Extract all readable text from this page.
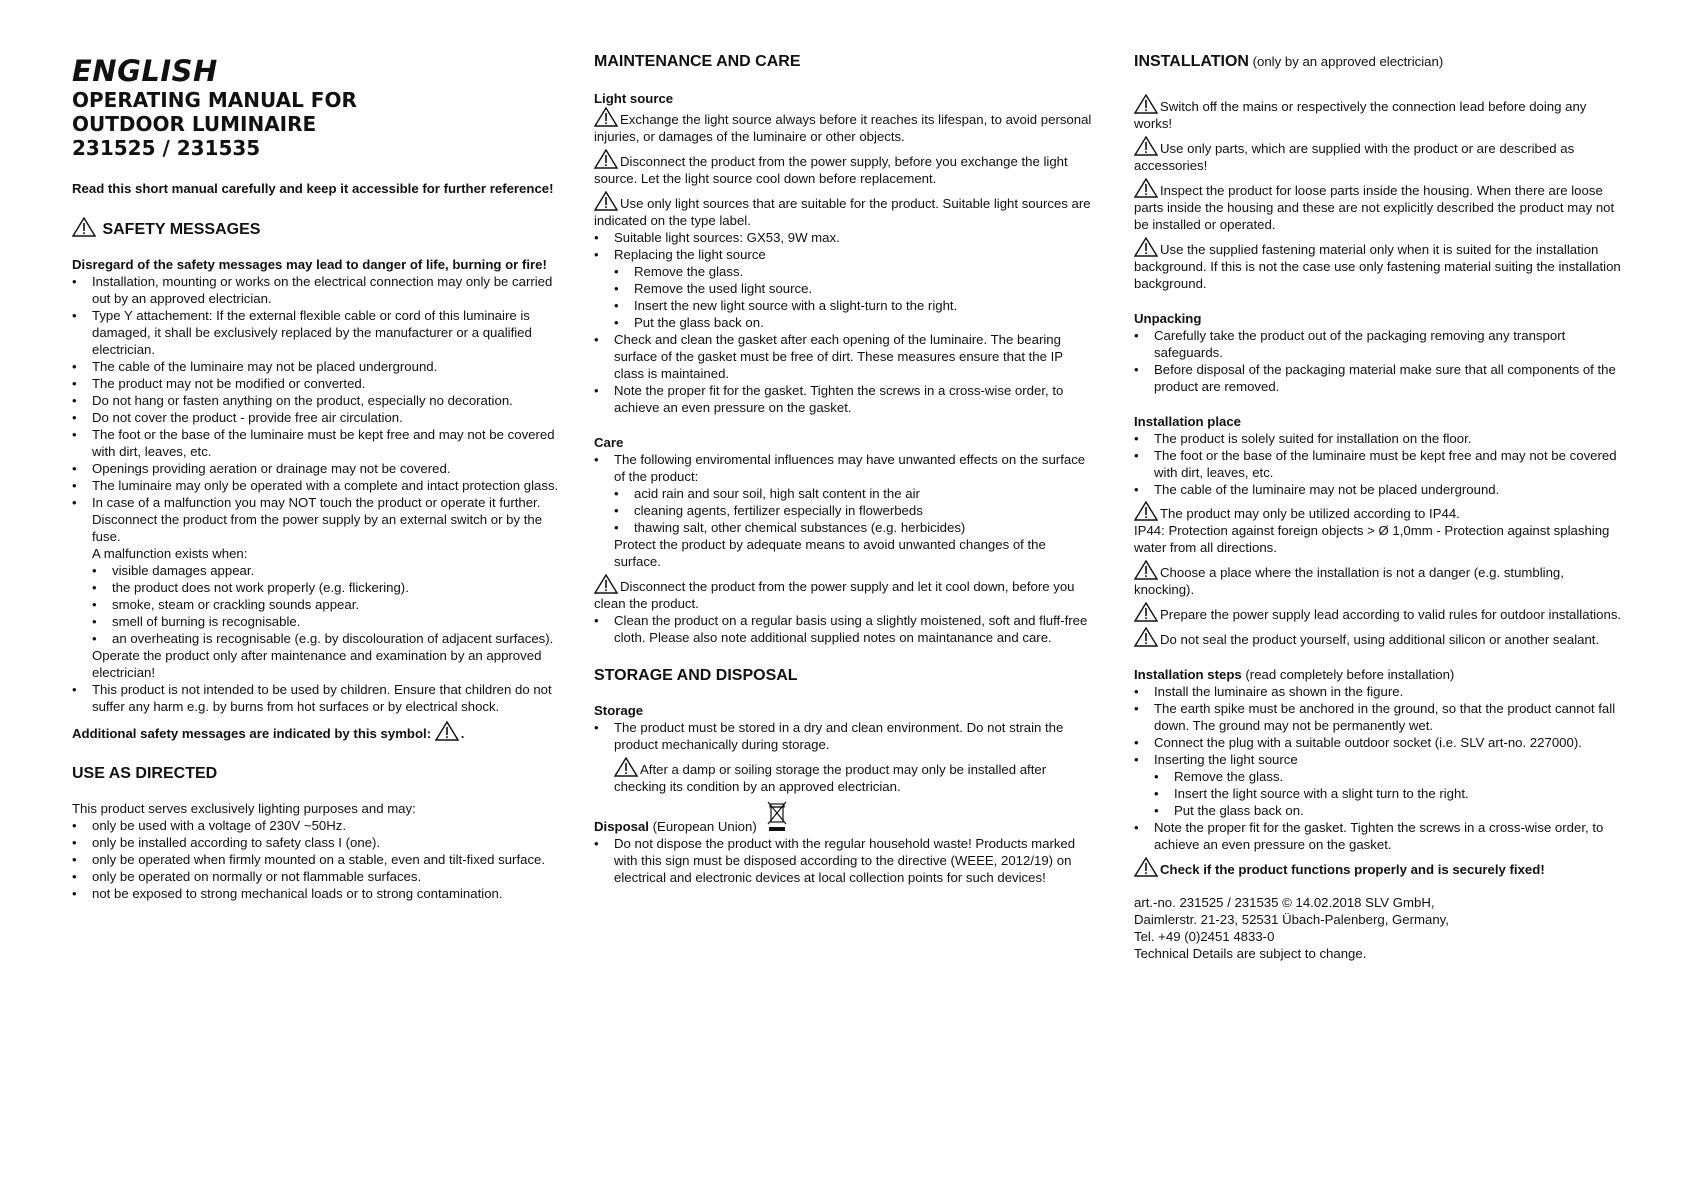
ENGLISH
OPERATING MANUAL FOR
OUTDOOR LUMINAIRE
231525 / 231535

Read this short manual carefully and keep it accessible for further reference!

SAFETY MESSAGES

Disregard of the safety messages may lead to danger of life, burning or fire!

• Installation, mounting or works on the electrical connection may only be carried out by an approved electrician.
• Type Y attachement: If the external flexible cable or cord of this luminaire is damaged, it shall be exclusively replaced by the manufacturer or a qualified electrician.
• The cable of the luminaire may not be placed underground.
• The product may not be modified or converted.
• Do not hang or fasten anything on the product, especially no decoration.
• Do not cover the product - provide free air circulation.
• The foot or the base of the luminaire must be kept free and may not be covered with dirt, leaves, etc.
• Openings providing aeration or drainage may not be covered.
• The luminaire may only be operated with a complete and intact protection glass.
• In case of a malfunction you may NOT touch the product or operate it further. Disconnect the product from the power supply by an external switch or by the fuse.
A malfunction exists when:
• visible damages appear.
• the product does not work properly (e.g. flickering).
• smoke, steam or crackling sounds appear.
• smell of burning is recognisable.
• an overheating is recognisable (e.g. by discolouration of adjacent surfaces).
Operate the product only after maintenance and examination by an approved electrician!
• This product is not intended to be used by children. Ensure that children do not suffer any harm e.g. by burns from hot surfaces or by electrical shock.

Additional safety messages are indicated by this symbol: .

USE AS DIRECTED

This product serves exclusively lighting purposes and may:

• only be used with a voltage of 230V ~50Hz.
• only be installed according to safety class I (one).
• only be operated when firmly mounted on a stable, even and tilt-fixed surface.
• only be operated on normally or not flammable surfaces.
• not be exposed to strong mechanical loads or to strong contamination.
MAINTENANCE AND CARE
Light source

Exchange the light source always before it reaches its lifespan, to avoid personal injuries, or damages of the luminaire or other objects.

Disconnect the product from the power supply, before you exchange the light source. Let the light source cool down before replacement.

Use only light sources that are suitable for the product. Suitable light sources are indicated on the type label.

• Suitable light sources: GX53, 9W max.
• Replacing the light source
• Remove the glass.
• Remove the used light source.
• Insert the new light source with a slight-turn to the right.
• Put the glass back on.
• Check and clean the gasket after each opening of the luminaire. The bearing surface of the gasket must be free of dirt. These measures ensure that the IP class is maintained.
• Note the proper fit for the gasket. Tighten the screws in a cross-wise order, to achieve an even pressure on the gasket.
Care
• The following enviromental influences may have unwanted effects on the surface of the product:
• acid rain and sour soil, high salt content in the air
• cleaning agents, fertilizer especially in flowerbeds
• thawing salt, other chemical substances (e.g. herbicides)
Protect the product by adequate means to avoid unwanted changes of the surface.

Disconnect the product from the power supply and let it cool down, before you clean the product.

• Clean the product on a regular basis using a slightly moistened, soft and fluff-free cloth. Please also note additional supplied notes on maintanance and care.
STORAGE AND DISPOSAL
Storage
• The product must be stored in a dry and clean environment. Do not strain the product mechanically during storage.
After a damp or soiling storage the product may only be installed after checking its condition by an approved electrician.
Disposal (European Union)
• Do not dispose the product with the regular household waste! Products marked with this sign must be disposed according to the directive (WEEE, 2012/19) on electrical and electronic devices at local collection points for such devices!
INSTALLATION (only by an approved electrician)

Switch off the mains or respectively the connection lead before doing any works!

Use only parts, which are supplied with the product or are described as accessories!

Inspect the product for loose parts inside the housing. When there are loose parts inside the housing and these are not explicitly described the product may not be installed or operated.

Use the supplied fastening material only when it is suited for the installation background. If this is not the case use only fastening material suiting the installation background.

Unpacking
• Carefully take the product out of the packaging removing any transport safeguards.
• Before disposal of the packaging material make sure that all components of the product are removed.
Installation place
• The product is solely suited for installation on the floor.
• The foot or the base of the luminaire must be kept free and may not be covered with dirt, leaves, etc.
• The cable of the luminaire may not be placed underground.

The product may only be utilized according to IP44.

IP44: Protection against foreign objects > Ø 1,0mm - Protection against splashing water from all directions.

Choose a place where the installation is not a danger (e.g. stumbling, knocking).

Prepare the power supply lead according to valid rules for outdoor installations.

Do not seal the product yourself, using additional silicon or another sealant.

Installation steps (read completely before installation)
• Install the luminaire as shown in the figure.
• The earth spike must be anchored in the ground, so that the product cannot fall down. The ground may not be permanently wet.
• Connect the plug with a suitable outdoor socket (i.e. SLV art-no. 227000).
• Inserting the light source
• Remove the glass.
• Insert the light source with a slight turn to the right.
• Put the glass back on.
• Note the proper fit for the gasket. Tighten the screws in a cross-wise order, to achieve an even pressure on the gasket.

Check if the product functions properly and is securely fixed!

art.-no. 231525 / 231535 © 14.02.2018 SLV GmbH,
Daimlerstr. 21-23, 52531 Übach-Palenberg, Germany,
Tel. +49 (0)2451 4833-0
Technical Details are subject to change.
